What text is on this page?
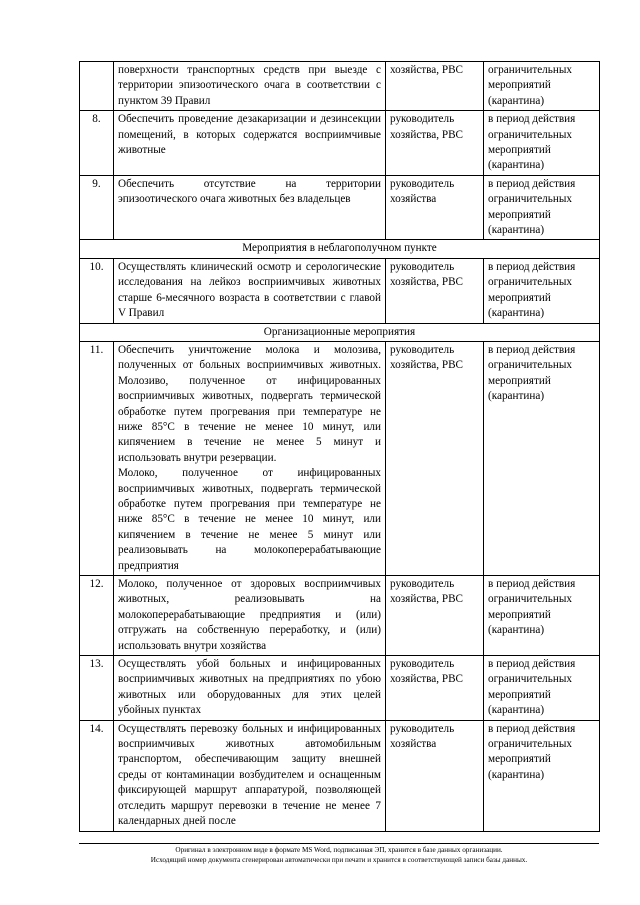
	поверхности транспортных средств при выезде с территории эпизоотического очага в соответствии с пунктом 39 Правил	хозяйства, РВС	ограничительных мероприятий (карантина)
8.	Обеспечить проведение дезакаризации и дезинсекции помещений, в которых содержатся восприимчивые животные	руководитель хозяйства, РВС	в период действия ограничительных мероприятий (карантина)
9.	Обеспечить отсутствие на территории эпизоотического очага животных без владельцев	руководитель хозяйства	в период действия ограничительных мероприятий (карантина)
Мероприятия в неблагополучном пункте			
10.	Осуществлять клинический осмотр и серологические исследования на лейкоз восприимчивых животных старше 6-месячного возраста в соответствии с главой V Правил	руководитель хозяйства, РВС	в период действия ограничительных мероприятий (карантина)
Организационные мероприятия			
11.	Обеспечить уничтожение молока и молозива, полученных от больных восприимчивых животных. Молозиво, полученное от инфицированных восприимчивых животных, подвергать термической обработке путем прогревания при температуре не ниже 85°С в течение не менее 10 минут, или кипячением в течение не менее 5 минут и использовать внутри резервации.
Молоко, полученное от инфицированных восприимчивых животных, подвергать термической обработке путем прогревания при температуре не ниже 85°С в течение не менее 10 минут, или кипячением в течение не менее 5 минут или реализовывать на молокоперерабатывающие предприятия	руководитель хозяйства, РВС	в период действия ограничительных мероприятий (карантина)
12.	Молоко, полученное от здоровых восприимчивых животных, реализовывать на молокоперерабатывающие предприятия и (или) отгружать на собственную переработку, и (или) использовать внутри хозяйства	руководитель хозяйства, РВС	в период действия ограничительных мероприятий (карантина)
13.	Осуществлять убой больных и инфицированных восприимчивых животных на предприятиях по убою животных или оборудованных для этих целей убойных пунктах	руководитель хозяйства, РВС	в период действия ограничительных мероприятий (карантина)
14.	Осуществлять перевозку больных и инфицированных восприимчивых животных автомобильным транспортом, обеспечивающим защиту внешней среды от контаминации возбудителем и оснащенным фиксирующей маршрут аппаратурой, позволяющей отследить маршрут перевозки в течение не менее 7 календарных дней после	руководитель хозяйства	в период действия ограничительных мероприятий (карантина)
Оригинал в электронном виде в формате MS Word, подписанная ЭП, хранится в базе данных организации.
Исходящий номер документа сгенерирован автоматически при печати и хранится в соответствующей записи базы данных.
